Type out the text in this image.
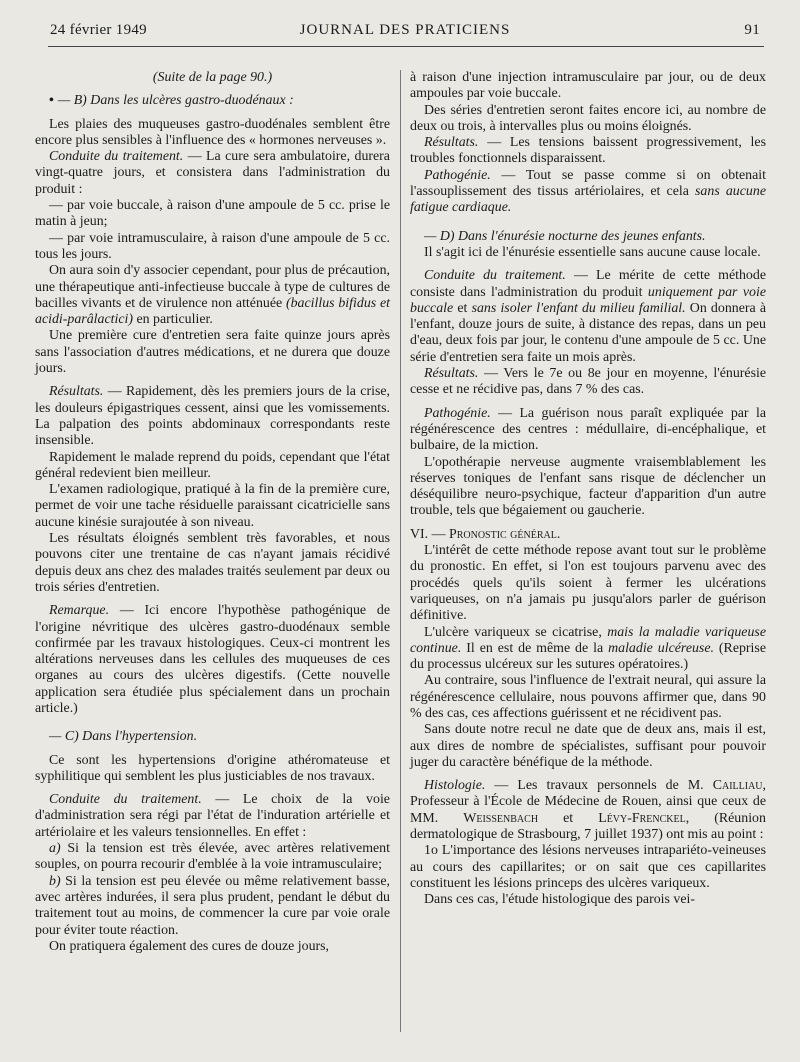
24 février 1949	JOURNAL DES PRATICIENS	91

(Suite de la page 90.)

• — B) Dans les ulcères gastro-duodénaux :

Les plaies des muqueuses gastro-duodénales semblent être encore plus sensibles à l'influence des « hormones nerveuses ».

Conduite du traitement. — La cure sera ambulatoire, durera vingt-quatre jours, et consistera dans l'administration du produit :

— par voie buccale, à raison d'une ampoule de 5 cc. prise le matin à jeun;

— par voie intramusculaire, à raison d'une ampoule de 5 cc. tous les jours.

On aura soin d'y associer cependant, pour plus de précaution, une thérapeutique anti-infectieuse buccale à type de cultures de bacilles vivants et de virulence non atténuée (bacillus bifidus et acidi-parâlactici) en particulier.

Une première cure d'entretien sera faite quinze jours après sans l'association d'autres médications, et ne durera que douze jours.

Résultats. — Rapidement, dès les premiers jours de la crise, les douleurs épigastriques cessent, ainsi que les vomissements. La palpation des points abdominaux correspondants reste insensible.

Rapidement le malade reprend du poids, cependant que l'état général redevient bien meilleur.

L'examen radiologique, pratiqué à la fin de la première cure, permet de voir une tache résiduelle paraissant cicatricielle sans aucune kinésie surajoutée à son niveau.

Les résultats éloignés semblent très favorables, et nous pouvons citer une trentaine de cas n'ayant jamais récidivé depuis deux ans chez des malades traités seulement par deux ou trois séries d'entretien.

Remarque. — Ici encore l'hypothèse pathogénique de l'origine névritique des ulcères gastro-duodénaux semble confirmée par les travaux histologiques. Ceux-ci montrent les altérations nerveuses dans les cellules des muqueuses de ces organes au cours des ulcères digestifs. (Cette nouvelle application sera étudiée plus spécialement dans un prochain article.)

— C) Dans l'hypertension.

Ce sont les hypertensions d'origine athéromateuse et syphilitique qui semblent les plus justiciables de nos travaux.

Conduite du traitement. — Le choix de la voie d'administration sera régi par l'état de l'induration artérielle et artériolaire et les valeurs tensionnelles. En effet :

a) Si la tension est très élevée, avec artères relativement souples, on pourra recourir d'emblée à la voie intramusculaire;

b) Si la tension est peu élevée ou même relativement basse, avec artères indurées, il sera plus prudent, pendant le début du traitement tout au moins, de commencer la cure par voie orale pour éviter toute réaction.

On pratiquera également des cures de douze jours,

à raison d'une injection intramusculaire par jour, ou de deux ampoules par voie buccale.

Des séries d'entretien seront faites encore ici, au nombre de deux ou trois, à intervalles plus ou moins éloignés.

Résultats. — Les tensions baissent progressivement, les troubles fonctionnels disparaissent.

Pathogénie. — Tout se passe comme si on obtenait l'assouplissement des tissus artériolaires, et cela sans aucune fatigue cardiaque.

— D) Dans l'énurésie nocturne des jeunes enfants.

Il s'agit ici de l'énurésie essentielle sans aucune cause locale.

Conduite du traitement. — Le mérite de cette méthode consiste dans l'administration du produit uniquement par voie buccale et sans isoler l'enfant du milieu familial. On donnera à l'enfant, douze jours de suite, à distance des repas, dans un peu d'eau, deux fois par jour, le contenu d'une ampoule de 5 cc. Une série d'entretien sera faite un mois après.

Résultats. — Vers le 7e ou 8e jour en moyenne, l'énurésie cesse et ne récidive pas, dans 7 % des cas.

Pathogénie. — La guérison nous paraît expliquée par la régénérescence des centres : médullaire, di-encéphalique, et bulbaire, de la miction.

L'opothérapie nerveuse augmente vraisemblablement les réserves toniques de l'enfant sans risque de déclencher un déséquilibre neuro-psychique, facteur d'apparition d'un autre trouble, tels que bégaiement ou gaucherie.

VI. — Pronostic général.

L'intérêt de cette méthode repose avant tout sur le problème du pronostic. En effet, si l'on est toujours parvenu avec des procédés quels qu'ils soient à fermer les ulcérations variqueuses, on n'a jamais pu jusqu'alors parler de guérison définitive.

L'ulcère variqueux se cicatrise, mais la maladie variqueuse continue. Il en est de même de la maladie ulcéreuse. (Reprise du processus ulcéreux sur les sutures opératoires.)

Au contraire, sous l'influence de l'extrait neural, qui assure la régénérescence cellulaire, nous pouvons affirmer que, dans 90 % des cas, ces affections guérissent et ne récidivent pas.

Sans doute notre recul ne date que de deux ans, mais il est, aux dires de nombre de spécialistes, suffisant pour pouvoir juger du caractère bénéfique de la méthode.

Histologie. — Les travaux personnels de M. Cailliau, Professeur à l'École de Médecine de Rouen, ainsi que ceux de MM. Weissenbach et Lévy-Frenckel, (Réunion dermatologique de Strasbourg, 7 juillet 1937) ont mis au point :

1o L'importance des lésions nerveuses intrapariéto-veineuses au cours des capillarites; or on sait que ces capillarites constituent les lésions princeps des ulcères variqueux.

Dans ces cas, l'étude histologique des parois vei-
